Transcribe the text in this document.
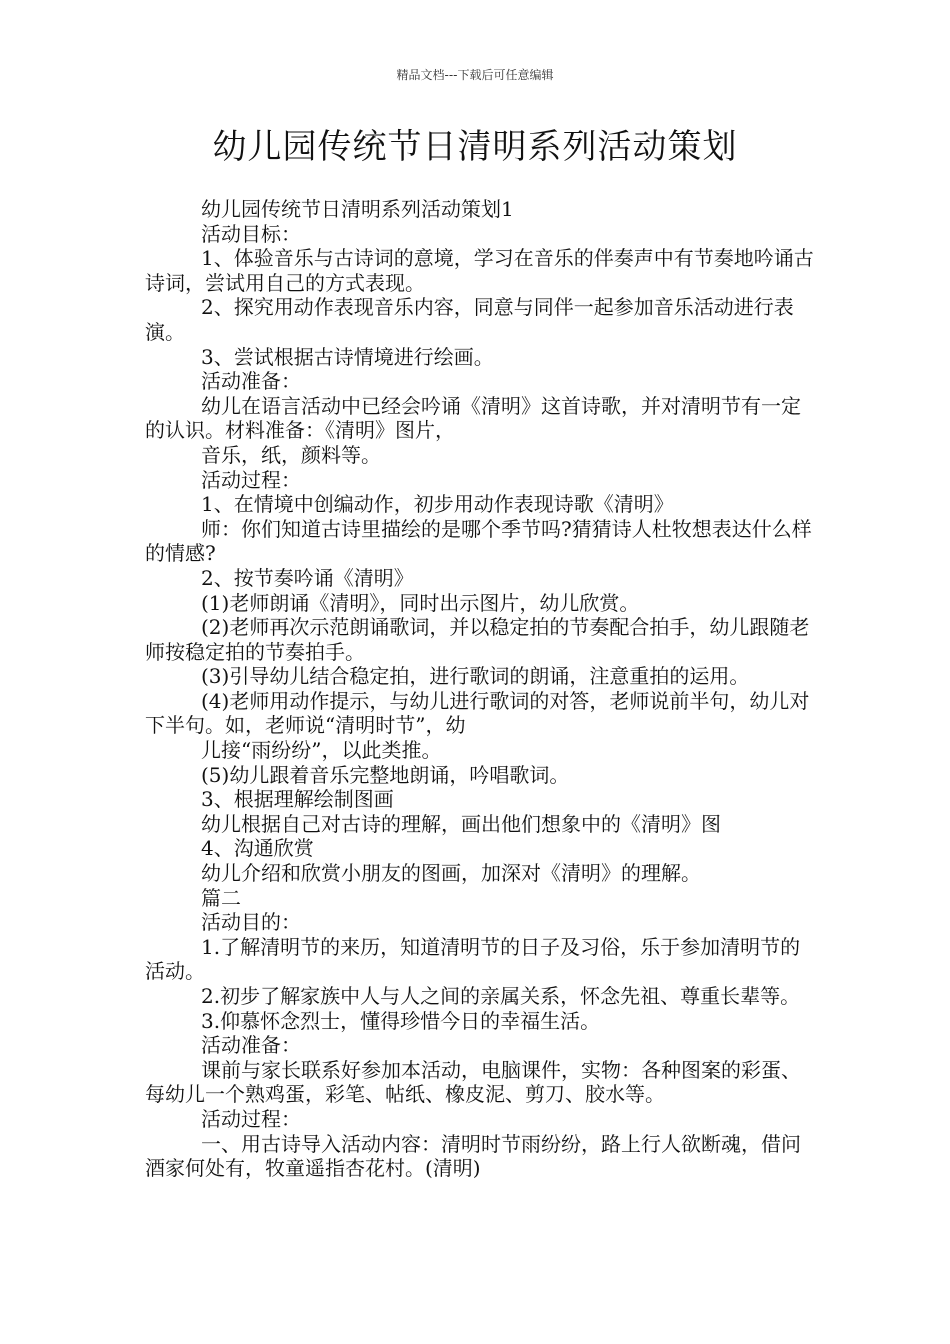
精品文档---下载后可任意编辑
幼儿园传统节日清明系列活动策划

幼儿园传统节日清明系列活动策划1

活动目标：

1、体验音乐与古诗词的意境，学习在音乐的伴奏声中有节奏地吟诵古诗词，尝试用自己的方式表现。

2、探究用动作表现音乐内容，同意与同伴一起参加音乐活动进行表演。

3、尝试根据古诗情境进行绘画。

活动准备：

幼儿在语言活动中已经会吟诵《清明》这首诗歌，并对清明节有一定的认识。材料准备：《清明》图片，

音乐，纸，颜料等。

活动过程：

1、在情境中创编动作，初步用动作表现诗歌《清明》

师：你们知道古诗里描绘的是哪个季节吗?猜猜诗人杜牧想表达什么样的情感?

2、按节奏吟诵《清明》

(1)老师朗诵《清明》，同时出示图片，幼儿欣赏。

(2)老师再次示范朗诵歌词，并以稳定拍的节奏配合拍手，幼儿跟随老师按稳定拍的节奏拍手。

(3)引导幼儿结合稳定拍，进行歌词的朗诵，注意重拍的运用。

(4)老师用动作提示，与幼儿进行歌词的对答，老师说前半句，幼儿对下半句。如，老师说“清明时节”，幼

儿接“雨纷纷”，以此类推。

(5)幼儿跟着音乐完整地朗诵，吟唱歌词。

3、根据理解绘制图画

幼儿根据自己对古诗的理解，画出他们想象中的《清明》图

4、沟通欣赏

幼儿介绍和欣赏小朋友的图画，加深对《清明》的理解。

篇二

活动目的：

1.了解清明节的来历，知道清明节的日子及习俗，乐于参加清明节的活动。

2.初步了解家族中人与人之间的亲属关系，怀念先祖、尊重长辈等。

3.仰慕怀念烈士，懂得珍惜今日的幸福生活。

活动准备：

课前与家长联系好参加本活动，电脑课件，实物：各种图案的彩蛋、每幼儿一个熟鸡蛋，彩笔、帖纸、橡皮泥、剪刀、胶水等。

活动过程：

一、用古诗导入活动内容：清明时节雨纷纷，路上行人欲断魂，借问酒家何处有，牧童遥指杏花村。(清明)
